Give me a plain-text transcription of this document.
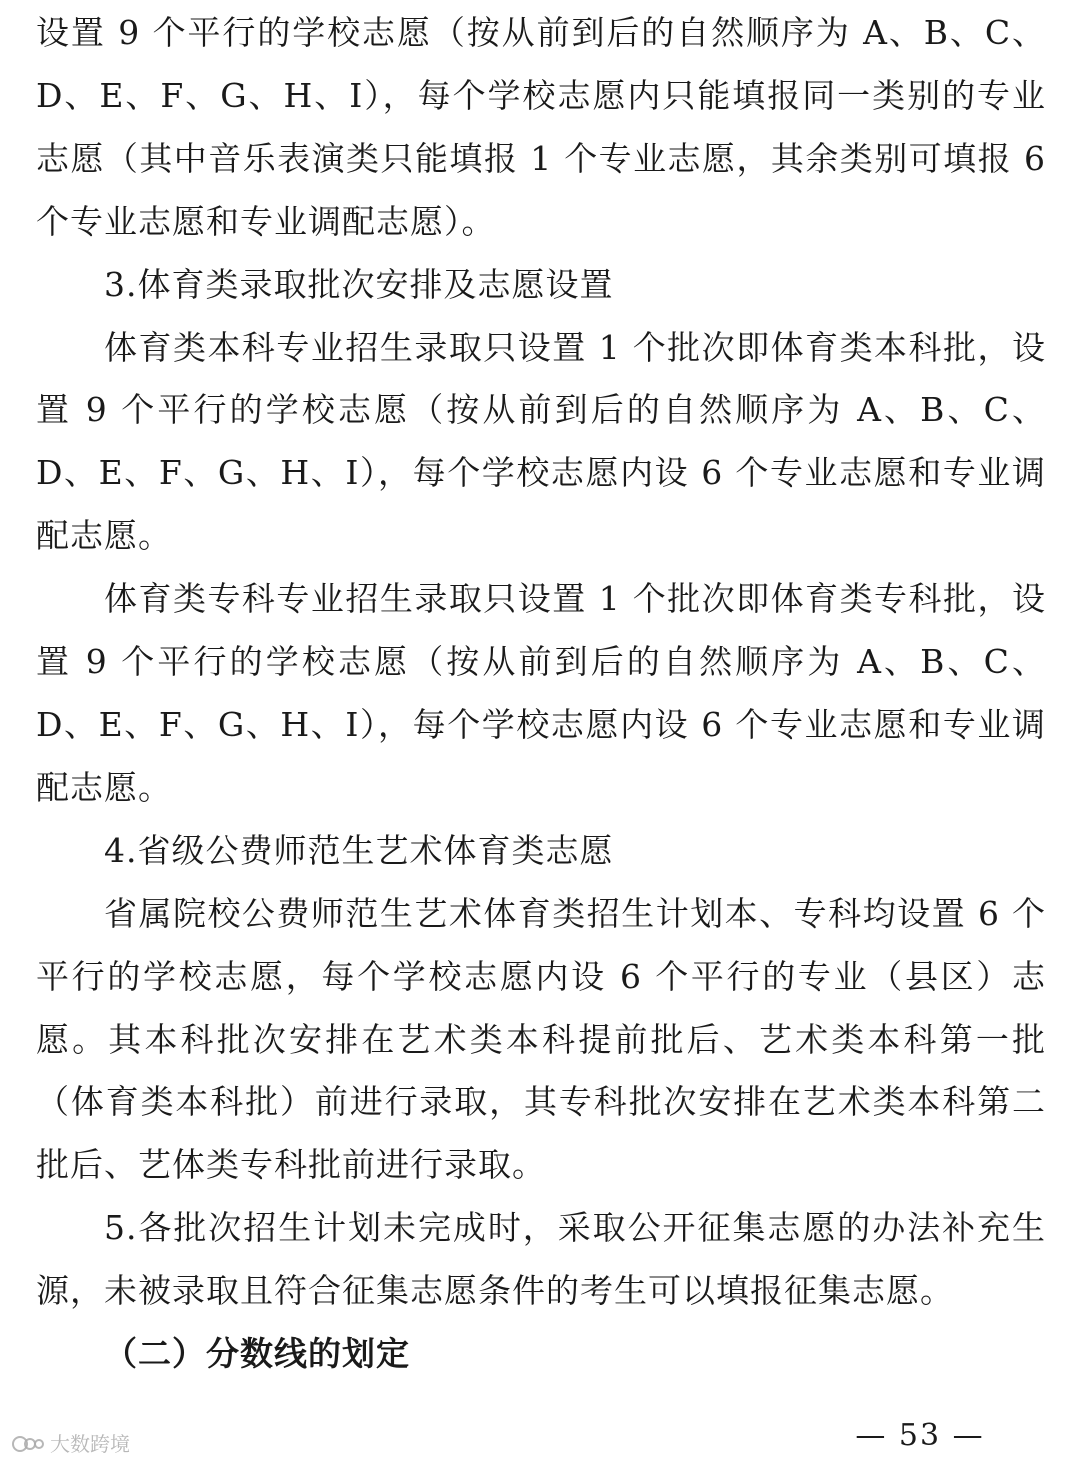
设置 9 个平行的学校志愿（按从前到后的自然顺序为 A、B、C、D、E、F、G、H、I），每个学校志愿内只能填报同一类别的专业志愿（其中音乐表演类只能填报 1 个专业志愿，其余类别可填报 6 个专业志愿和专业调配志愿）。

3.体育类录取批次安排及志愿设置

体育类本科专业招生录取只设置 1 个批次即体育类本科批，设置 9 个平行的学校志愿（按从前到后的自然顺序为 A、B、C、D、E、F、G、H、I），每个学校志愿内设 6 个专业志愿和专业调配志愿。

体育类专科专业招生录取只设置 1 个批次即体育类专科批，设置 9 个平行的学校志愿（按从前到后的自然顺序为 A、B、C、D、E、F、G、H、I），每个学校志愿内设 6 个专业志愿和专业调配志愿。

4.省级公费师范生艺术体育类志愿

省属院校公费师范生艺术体育类招生计划本、专科均设置 6 个平行的学校志愿，每个学校志愿内设 6 个平行的专业（县区）志愿。其本科批次安排在艺术类本科提前批后、艺术类本科第一批（体育类本科批）前进行录取，其专科批次安排在艺术类本科第二批后、艺体类专科批前进行录取。

5.各批次招生计划未完成时，采取公开征集志愿的办法补充生源，未被录取且符合征集志愿条件的考生可以填报征集志愿。

（二）分数线的划定

大数跨境	— 53 —
